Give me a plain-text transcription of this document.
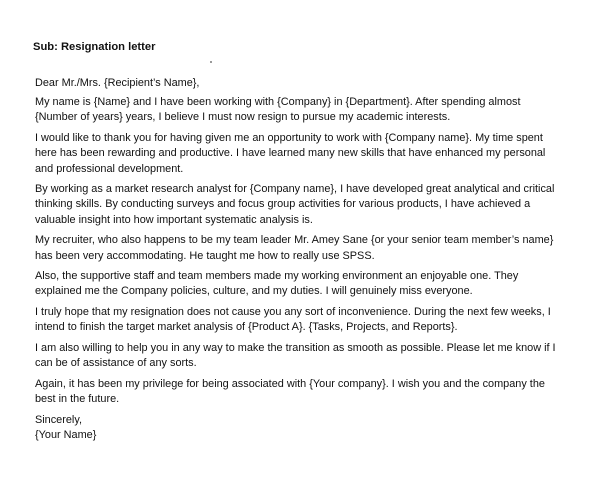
Sub: Resignation letter

Dear Mr./Mrs. {Recipient’s Name},

My name is {Name} and I have been working with {Company} in {Department}. After spending almost {Number of years} years, I believe I must now resign to pursue my academic interests.

I would like to thank you for having given me an opportunity to work with {Company name}. My time spent here has been rewarding and productive. I have learned many new skills that have enhanced my personal and professional development.

By working as a market research analyst for {Company name}, I have developed great analytical and critical thinking skills. By conducting surveys and focus group activities for various products, I have achieved a valuable insight into how important systematic analysis is.

My recruiter, who also happens to be my team leader Mr. Amey Sane {or your senior team member’s name} has been very accommodating. He taught me how to really use SPSS.

Also, the supportive staff and team members made my working environment an enjoyable one. They explained me the Company policies, culture, and my duties. I will genuinely miss everyone.

I truly hope that my resignation does not cause you any sort of inconvenience. During the next few weeks, I intend to finish the target market analysis of {Product A}. {Tasks, Projects, and Reports}.

I am also willing to help you in any way to make the transition as smooth as possible. Please let me know if I can be of assistance of any sorts.

Again, it has been my privilege for being associated with {Your company}. I wish you and the company the best in the future.

Sincerely,

{Your Name}
